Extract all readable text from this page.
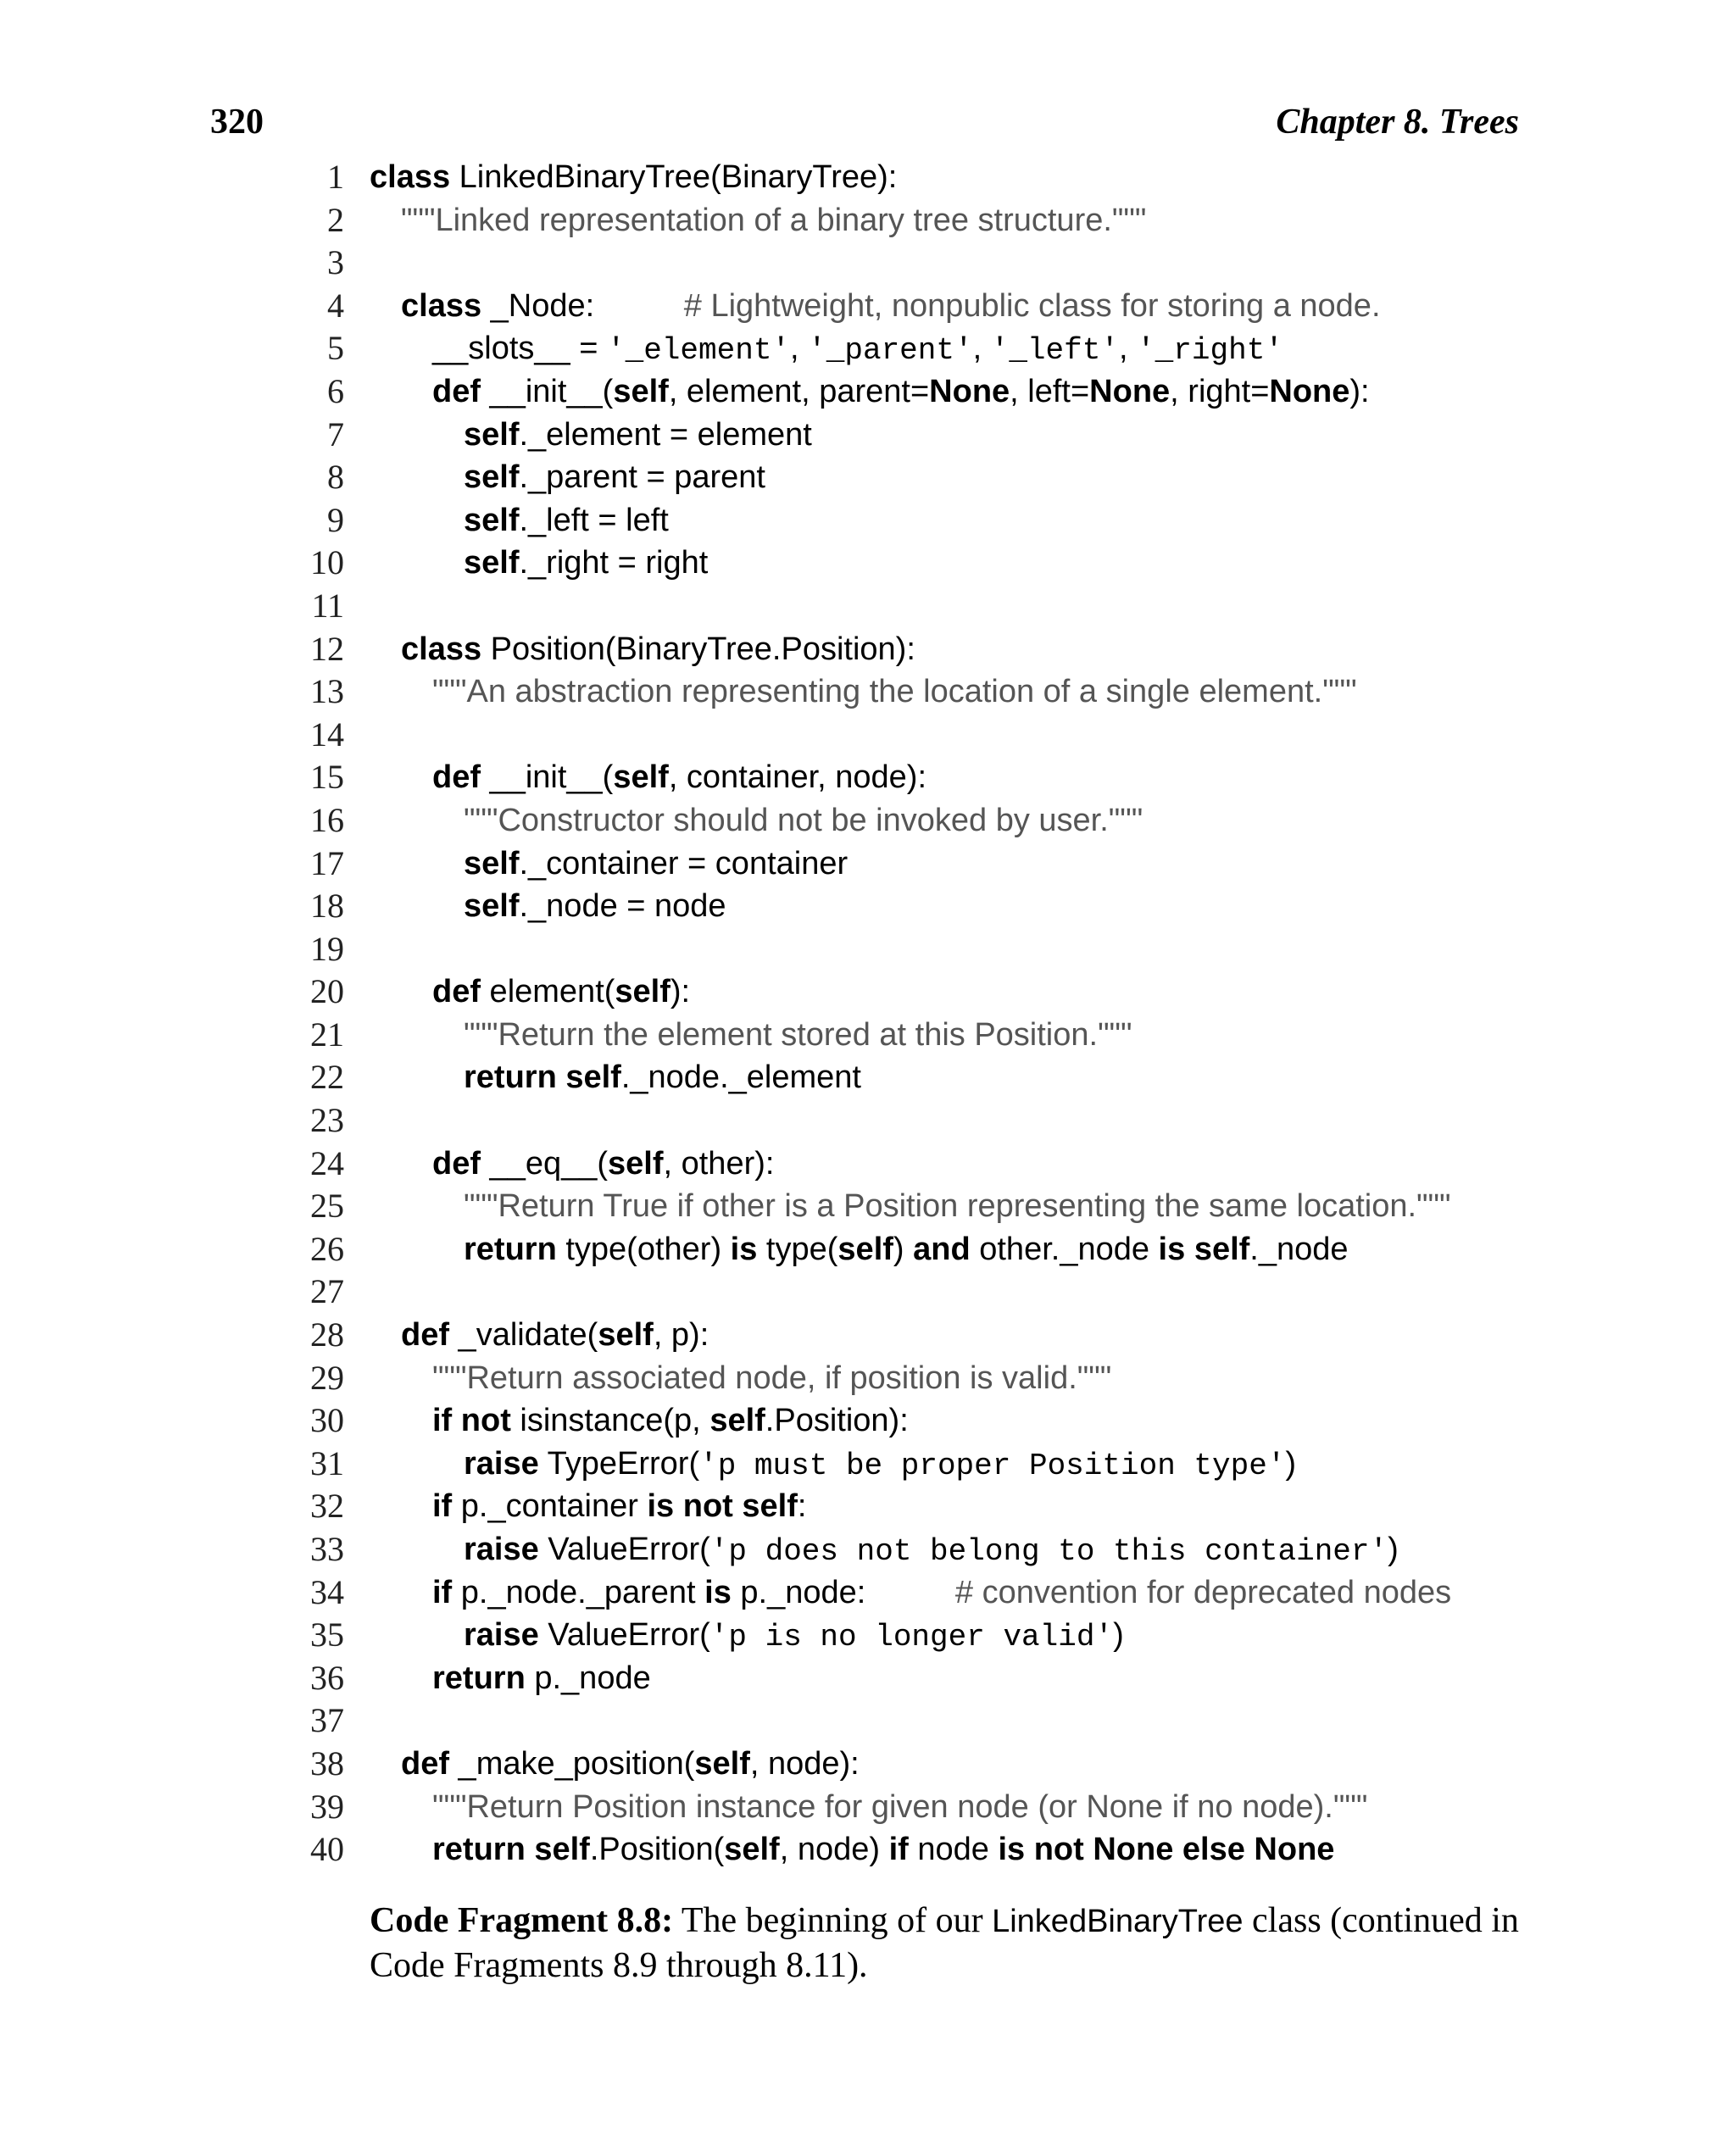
320	Chapter 8. Trees
1 class LinkedBinaryTree(BinaryTree):
2 """Linked representation of a binary tree structure."""
3
4 class _Node:          # Lightweight, nonpublic class for storing a node.
5	__slots__ = '_element', '_parent', '_left', '_right'
6	def __init__(self, element, parent=None, left=None, right=None):
7	self._element = element
8	self._parent = parent
9	self._left = left
10	self._right = right
11
12 class Position(BinaryTree.Position):
13	"""An abstraction representing the location of a single element."""
14
15	def __init__(self, container, node):
16	"""Constructor should not be invoked by user."""
17	self._container = container
18	self._node = node
19
20	def element(self):
21	"""Return the element stored at this Position."""
22	return self._node._element
23
24	def __eq__(self, other):
25	"""Return True if other is a Position representing the same location."""
26	return type(other) is type(self) and other._node is self._node
27
28 def _validate(self, p):
29	"""Return associated node, if position is valid."""
30	if not isinstance(p, self.Position):
31	raise TypeError('p must be proper Position type')
32	if p._container is not self:
33	raise ValueError('p does not belong to this container')
34	if p._node._parent is p._node:          # convention for deprecated nodes
35	raise ValueError('p is no longer valid')
36	return p._node
37
38 def _make_position(self, node):
39	"""Return Position instance for given node (or None if no node)."""
40	return self.Position(self, node) if node is not None else None
Code Fragment 8.8: The beginning of our LinkedBinaryTree class (continued in Code Fragments 8.9 through 8.11).
